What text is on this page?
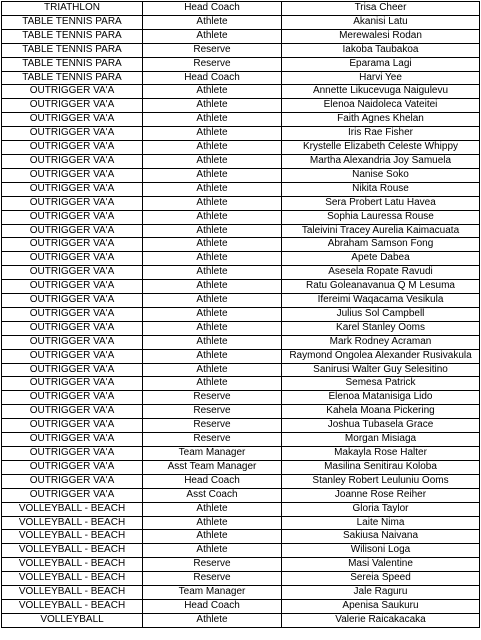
TRIATHLON	Head Coach	Trisa Cheer
TABLE TENNIS PARA	Athlete	Akanisi Latu
TABLE TENNIS PARA	Athlete	Merewalesi Rodan
TABLE TENNIS PARA	Reserve	Iakoba Taubakoa
TABLE TENNIS PARA	Reserve	Eparama Lagi
TABLE TENNIS PARA	Head Coach	Harvi Yee
OUTRIGGER VA'A	Athlete	Annette Likucevuga Naigulevu
OUTRIGGER VA'A	Athlete	Elenoa Naidoleca Vateitei
OUTRIGGER VA'A	Athlete	Faith Agnes Khelan
OUTRIGGER VA'A	Athlete	Iris Rae Fisher
OUTRIGGER VA'A	Athlete	Krystelle Elizabeth Celeste Whippy
OUTRIGGER VA'A	Athlete	Martha Alexandria Joy Samuela
OUTRIGGER VA'A	Athlete	Nanise Soko
OUTRIGGER VA'A	Athlete	Nikita Rouse
OUTRIGGER VA'A	Athlete	Sera Probert Latu Havea
OUTRIGGER VA'A	Athlete	Sophia Lauressa Rouse
OUTRIGGER VA'A	Athlete	Taleivini Tracey Aurelia Kaimacuata
OUTRIGGER VA'A	Athlete	Abraham Samson Fong
OUTRIGGER VA'A	Athlete	Apete Dabea
OUTRIGGER VA'A	Athlete	Asesela Ropate Ravudi
OUTRIGGER VA'A	Athlete	Ratu Goleanavanua Q M Lesuma
OUTRIGGER VA'A	Athlete	Ifereimi Waqacama Vesikula
OUTRIGGER VA'A	Athlete	Julius Sol Campbell
OUTRIGGER VA'A	Athlete	Karel Stanley Ooms
OUTRIGGER VA'A	Athlete	Mark Rodney Acraman
OUTRIGGER VA'A	Athlete	Raymond Ongolea Alexander Rusivakula
OUTRIGGER VA'A	Athlete	Sanirusi Walter Guy Selesitino
OUTRIGGER VA'A	Athlete	Semesa Patrick
OUTRIGGER VA'A	Reserve	Elenoa Matanisiga Lido
OUTRIGGER VA'A	Reserve	Kahela Moana Pickering
OUTRIGGER VA'A	Reserve	Joshua Tubasela Grace
OUTRIGGER VA'A	Reserve	Morgan Misiaga
OUTRIGGER VA'A	Team Manager	Makayla Rose Halter
OUTRIGGER VA'A	Asst Team Manager	Masilina Senitirau Koloba
OUTRIGGER VA'A	Head Coach	Stanley Robert Leuluniu Ooms
OUTRIGGER VA'A	Asst Coach	Joanne Rose Reiher
VOLLEYBALL - BEACH	Athlete	Gloria Taylor
VOLLEYBALL - BEACH	Athlete	Laite Nima
VOLLEYBALL - BEACH	Athlete	Sakiusa Naivana
VOLLEYBALL - BEACH	Athlete	Wilisoni Loga
VOLLEYBALL - BEACH	Reserve	Masi Valentine
VOLLEYBALL - BEACH	Reserve	Sereia Speed
VOLLEYBALL - BEACH	Team Manager	Jale Raguru
VOLLEYBALL - BEACH	Head Coach	Apenisa Saukuru
VOLLEYBALL	Athlete	Valerie Raicakacaka
